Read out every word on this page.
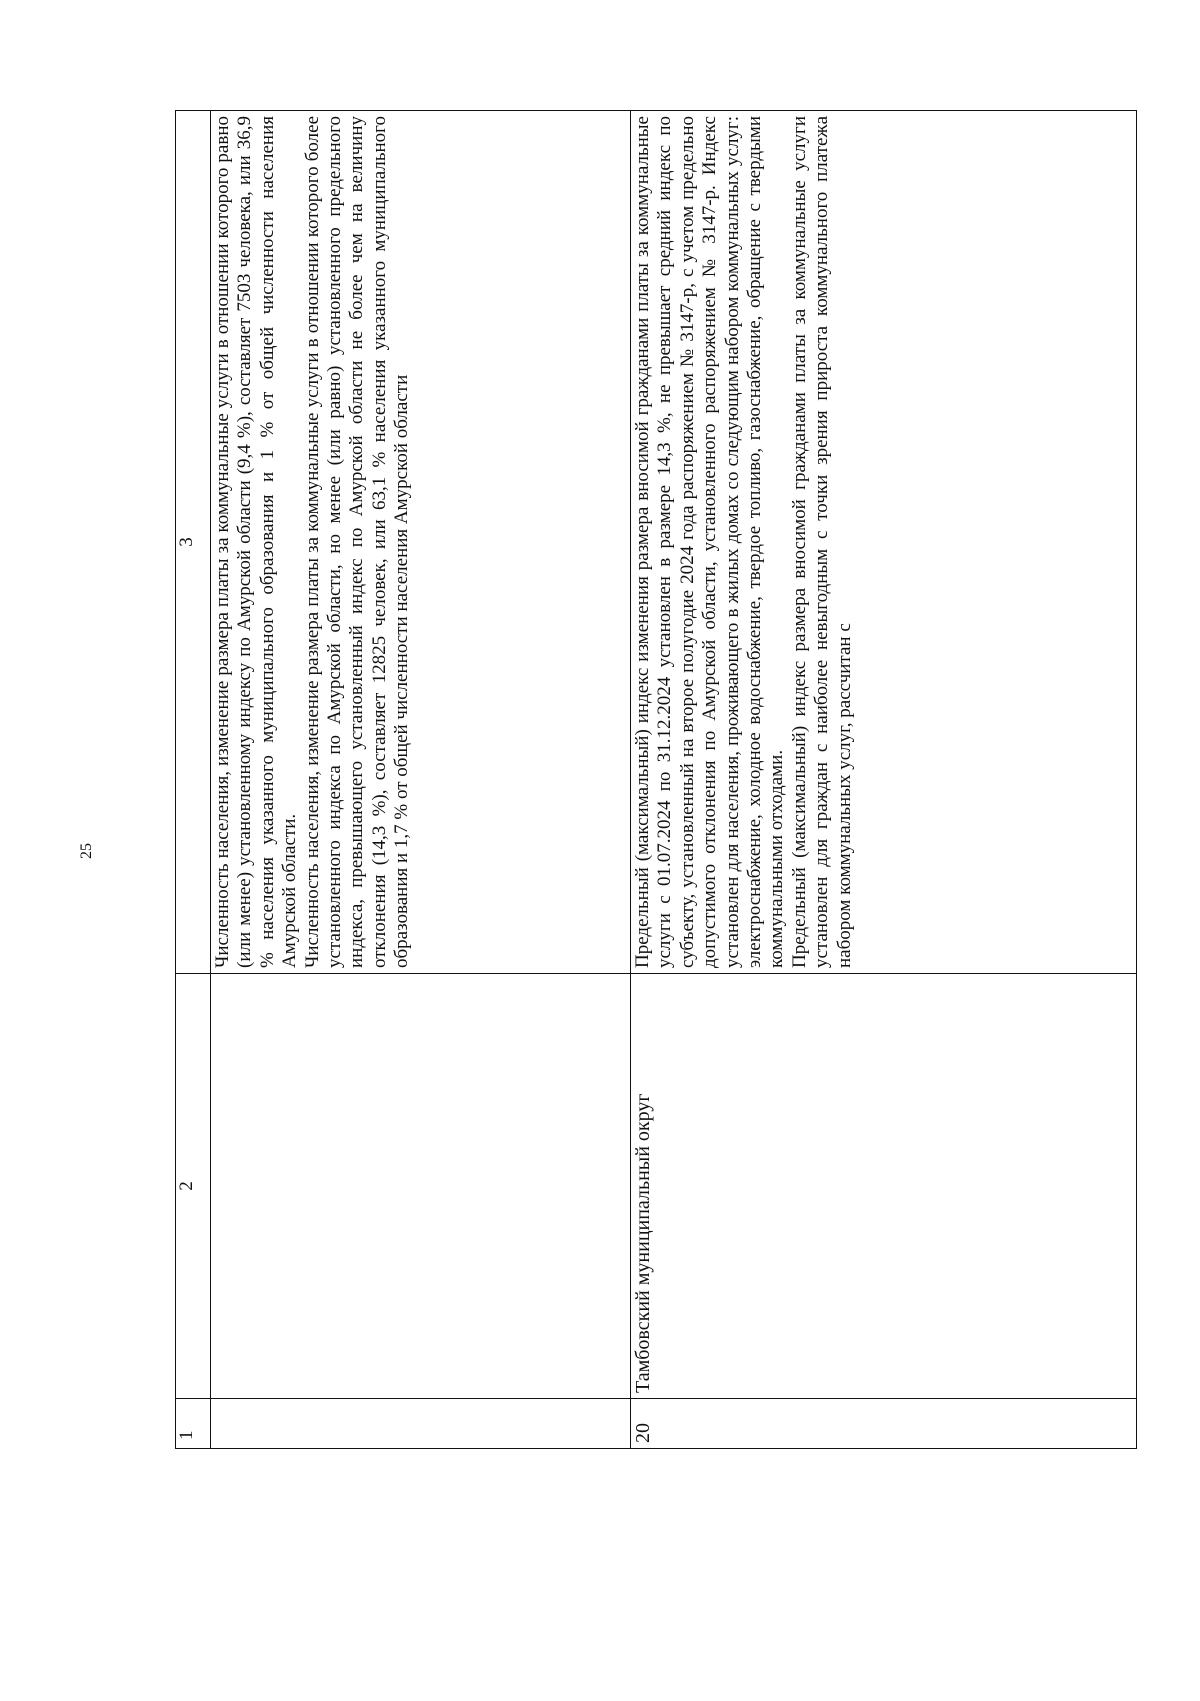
25
1	2	3

		Численность населения, изменение размера платы за коммунальные услуги в отношении которого равно (или менее) установленному индексу по Амурской области (9,4 %), составляет 7503 человека, или 36,9 % населения указанного муниципального образования и 1 % от общей численности населения Амурской области. Численность населения, изменение размера платы за коммунальные услуги в отношении которого более установленного индекса по Амурской области, но менее (или равно) установленного предельного индекса, превышающего установленный индекс по Амурской области не более чем на величину отклонения (14,3 %), составляет 12825 человек, или 63,1 % населения указанного муниципального образования и 1,7 % от общей численности населения Амурской области

20	Тамбовский муниципальный округ	Предельный (максимальный) индекс изменения размера вносимой гражданами платы за коммунальные услуги с 01.07.2024 по 31.12.2024 установлен в размере 14,3 %, не превышает средний индекс по субъекту, установленный на второе полугодие 2024 года распоряжением № 3147-р, с учетом предельно допустимого отклонения по Амурской области, установленного распоряжением № 3147-р. Индекс установлен для населения, проживающего в жилых домах со следующим набором коммунальных услуг: электроснабжение, холодное водоснабжение, твердое топливо, газоснабжение, обращение с твердыми коммунальными отходами. Предельный (максимальный) индекс размера вносимой гражданами платы за коммунальные услуги установлен для граждан с наиболее невыгодным с точки зрения прироста коммунального платежа набором коммунальных услуг, рассчитан с
